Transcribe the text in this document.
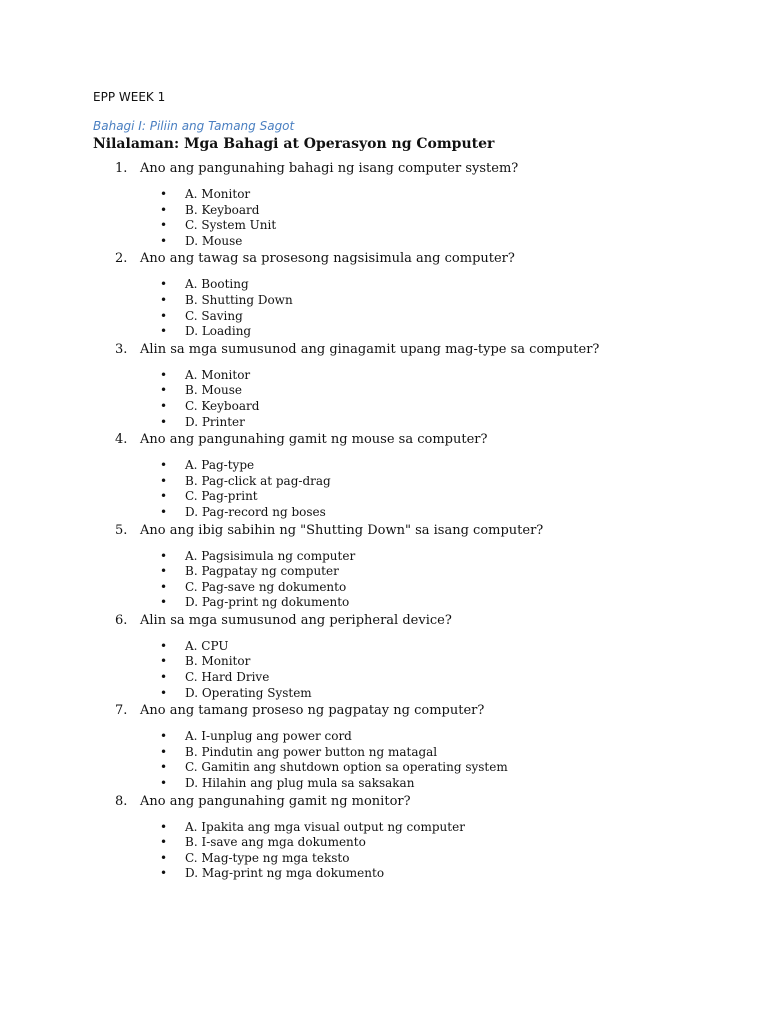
EPP WEEK 1
Bahagi I: Piliin ang Tamang Sagot
Nilalaman: Mga Bahagi at Operasyon ng Computer
1. Ano ang pangunahing bahagi ng isang computer system?
• A. Monitor
• B. Keyboard
• C. System Unit
• D. Mouse
2. Ano ang tawag sa prosesong nagsisimula ang computer?
• A. Booting
• B. Shutting Down
• C. Saving
• D. Loading
3. Alin sa mga sumusunod ang ginagamit upang mag-type sa computer?
• A. Monitor
• B. Mouse
• C. Keyboard
• D. Printer
4. Ano ang pangunahing gamit ng mouse sa computer?
• A. Pag-type
• B. Pag-click at pag-drag
• C. Pag-print
• D. Pag-record ng boses
5. Ano ang ibig sabihin ng "Shutting Down" sa isang computer?
• A. Pagsisimula ng computer
• B. Pagpatay ng computer
• C. Pag-save ng dokumento
• D. Pag-print ng dokumento
6. Alin sa mga sumusunod ang peripheral device?
• A. CPU
• B. Monitor
• C. Hard Drive
• D. Operating System
7. Ano ang tamang proseso ng pagpatay ng computer?
• A. I-unplug ang power cord
• B. Pindutin ang power button ng matagal
• C. Gamitin ang shutdown option sa operating system
• D. Hilahin ang plug mula sa saksakan
8. Ano ang pangunahing gamit ng monitor?
• A. Ipakita ang mga visual output ng computer
• B. I-save ang mga dokumento
• C. Mag-type ng mga teksto
• D. Mag-print ng mga dokumento
